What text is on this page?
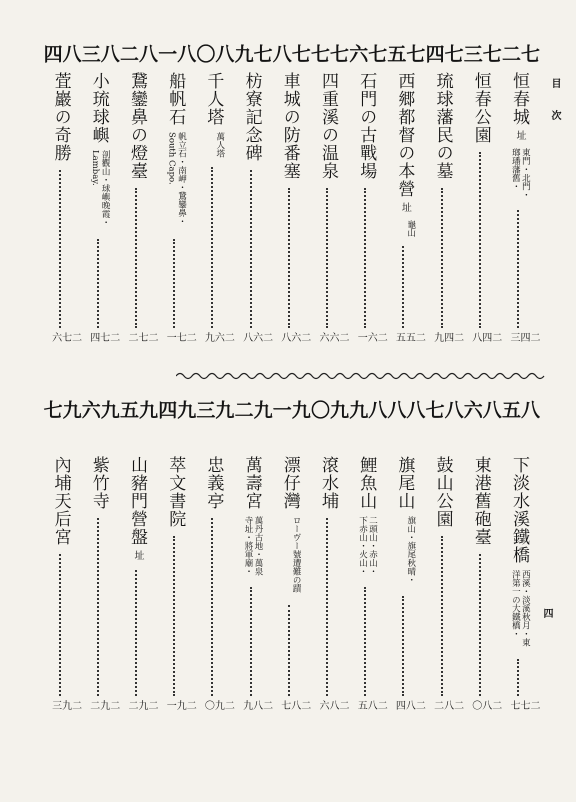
目次
四
七二
恒春城
址
東門・北門・
瑯璠藩舊・
二四三
七三
恒春公園
二四八
七四
琉球藩民の墓
二四九
七五
西郷都督の本營
址
龜山
二五五
七六
石門の古戰場
二六一
七七
四重溪の温泉
二六六
七八
車城の防番塞
二六八
七九
枋寮記念碑
二六八
八〇
千人塔
萬人塔
二六九
八一
船帆石
帆立石・南岬・鵞鑾鼻・
South Capo.
二七一
八二
鵞鑾鼻の燈臺
二七二
八三
小琉球嶼
剖觀山・球嶼晚霞・
Lambay.
二七四
八四
萓巖の奇勝
二七六
八五
下淡水溪鐵橋
西溪・淡溪秋月・東
洋第一の大鐵橋・
二七七
八六
東港舊砲臺
二八〇
八七
鼓山公園
二八二
八八
旗尾山
旗山・旗尾秋晴・
二八四
八九
鯉魚山
二頭山・赤山・
下赤山・火山・
二八五
九〇
滾水埔
二八六
九一
漂仔灣
ローヴー號遭難の蹟
二八七
九二
萬壽宮
萬丹古地・萬泉
寺址・將軍廟・
二八九
九三
忠義亭
二九〇
九四
萃文書院
二九一
九五
山豬門營盤
址
二九二
九六
紫竹寺
二九二
九七
內埔天后宮
二九三
